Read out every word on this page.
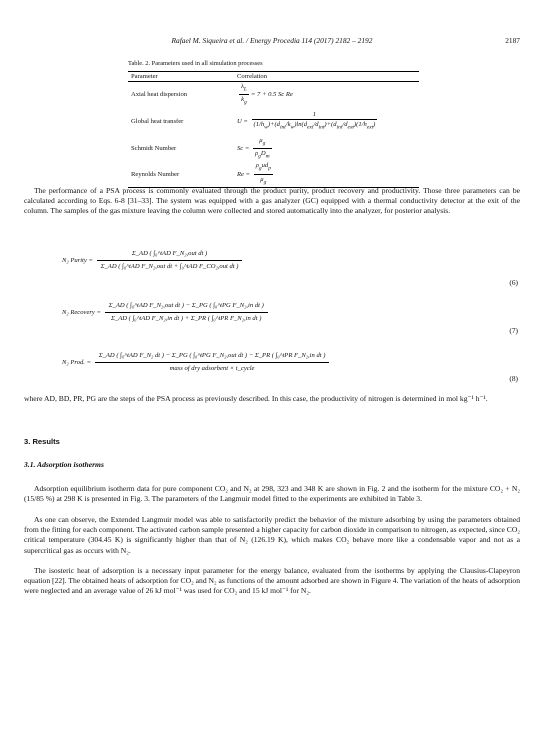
Rafael M. Siqueira et al. / Energy Procedia 114 (2017) 2182 – 2192	2187
Table. 2. Parameters used in all simulation processes
Parameter	Correlation
Axial heat dispersion	$\frac{\lambda_L}{k_g} = 7 + 0.5$ Sc Re
Global heat transfer	$U = \frac{1}{(1/h_w)+(d_{int}/k_w)\ln(d_{ext}/d_{int})+(d_{int}/d_{ext})(1/h_{ext})}$

Schmidt Number	$Sc = \frac{\mu_g}{\rho_gD_m}$

Reynolds Number	$Re = \frac{\rho_gud_p}{\mu_g}$

The performance of a PSA process is commonly evaluated through the product purity, product recovery and productivity. Those three parameters can be calculated according to Eqs. 6-8 [31–33]. The system was equipped with a gas analyzer (GC) equipped with a thermal conductivity detector at the exit of the column. The samples of the gas mixture leaving the column were collected and stored automatically into the analyzer, for posterior analysis.

N₂ Purity = $\frac{\text{Σ\_AD ( ∫₀\textasciicircum{}tAD F\_N₂,out dt )}}{\text{Σ\_AD ( ∫₀\textasciicircum{}tAD F\_N₂,out dt + ∫₀\textasciicircum{}tAD F\_CO₂,out dt )}}$
(6)
N₂ Recovery = $\frac{\text{Σ\_AD ( ∫₀\textasciicircum{}tAD F\_N₂,out dt ) − Σ\_PG ( ∫₀\textasciicircum{}tPG F\_N₂,in dt )}}{\text{Σ\_AD ( ∫₀\textasciicircum{}tAD F\_N₂,in dt ) + Σ\_PR ( ∫₀\textasciicircum{}tPR F\_N₂,in dt )}}$
(7)
N₂ Prod. =
Σ_AD ( ∫₀^tAD F_N₂ dt ) − Σ_PG ( ∫₀^tPG F_N₂,out dt ) − Σ_PR ( ∫₀^tPR F_N₂,in dt )
mass of dry adsorbent × t_cycle
(8)

where AD, BD, PR, PG are the steps of the PSA process as previously described. In this case, the productivity of nitrogen is determined in mol kg⁻¹ h⁻¹.

3. Results
3.1. Adsorption isotherms

Adsorption equilibrium isotherm data for pure component CO₂ and N₂ at 298, 323 and 348 K are shown in Fig. 2 and the isotherm for the mixture CO₂ + N₂ (15/85 %) at 298 K is presented in Fig. 3. The parameters of the Langmuir model fitted to the experiments are exhibited in Table 3.

As one can observe, the Extended Langmuir model was able to satisfactorily predict the behavior of the mixture adsorbing by using the parameters obtained from the fitting for each component. The activated carbon sample presented a higher capacity for carbon dioxide in comparison to nitrogen, as expected, since CO₂ critical temperature (304.45 K) is significantly higher than that of N₂ (126.19 K), which makes CO₂ behave more like a condensable vapor and not as a supercritical gas as occurs with N₂.

The isosteric heat of adsorption is a necessary input parameter for the energy balance, evaluated from the isotherms by applying the Clausius-Clapeyron equation [22]. The obtained heats of adsorption for CO₂ and N₂ as functions of the amount adsorbed are shown in Figure 4. The variation of the heats of adsorption were neglected and an average value of 26 kJ mol⁻¹ was used for CO₂ and 15 kJ mol⁻¹ for N₂.
